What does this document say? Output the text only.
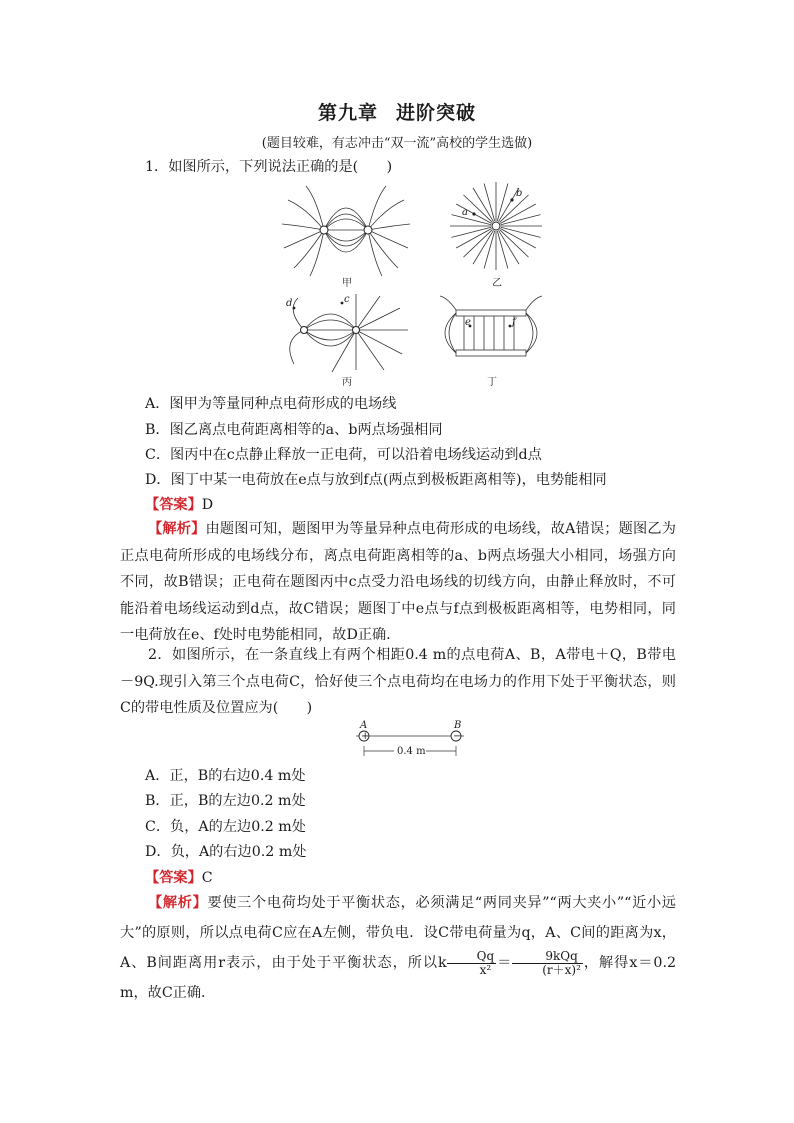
第九章 进阶突破
(题目较难，有志冲击“双一流”高校的学生选做)
1．如图所示，下列说法正确的是(　　)
甲
a
b
乙
c
d
丙
e	f
丁
A．图甲为等量同种点电荷形成的电场线
B．图乙离点电荷距离相等的a、b两点场强相同
C．图丙中在c点静止释放一正电荷，可以沿着电场线运动到d点
D．图丁中某一电荷放在e点与放到f点(两点到极板距离相等)，电势能相同
【答案】D
【解析】由题图可知，题图甲为等量异种点电荷形成的电场线，故A错误；题图乙为正点电荷所形成的电场线分布，离点电荷距离相等的a、b两点场强大小相同，场强方向不同，故B错误；正电荷在题图丙中c点受力沿电场线的切线方向，由静止释放时，不可能沿着电场线运动到d点，故C错误；题图丁中e点与f点到极板距离相等，电势相同，同一电荷放在e、f处时电势能相同，故D正确．
2．如图所示，在一条直线上有两个相距0.4 m的点电荷A、B，A带电＋Q，B带电－9Q.现引入第三个点电荷C，恰好使三个点电荷均在电场力的作用下处于平衡状态，则C的带电性质及位置应为(　　)
A	B
+	−
0.4 m
A．正，B的右边0.4 m处
B．正，B的左边0.2 m处
C．负，A的左边0.2 m处
D．负，A的右边0.2 m处
【答案】C
【解析】要使三个电荷均处于平衡状态，必须满足“两同夹异”“两大夹小”“近小远大”的原则，所以点电荷C应在A左侧，带负电．设C带电荷量为q，A、C间的距离为x，A、B间距离用r表示，由于处于平衡状态，所以k $\frac{Qq}{\text{x²}} = \frac{\text{9kQq}}{\text{(r＋x)²}}$ ，解得x＝0.2 m，故C正确．
